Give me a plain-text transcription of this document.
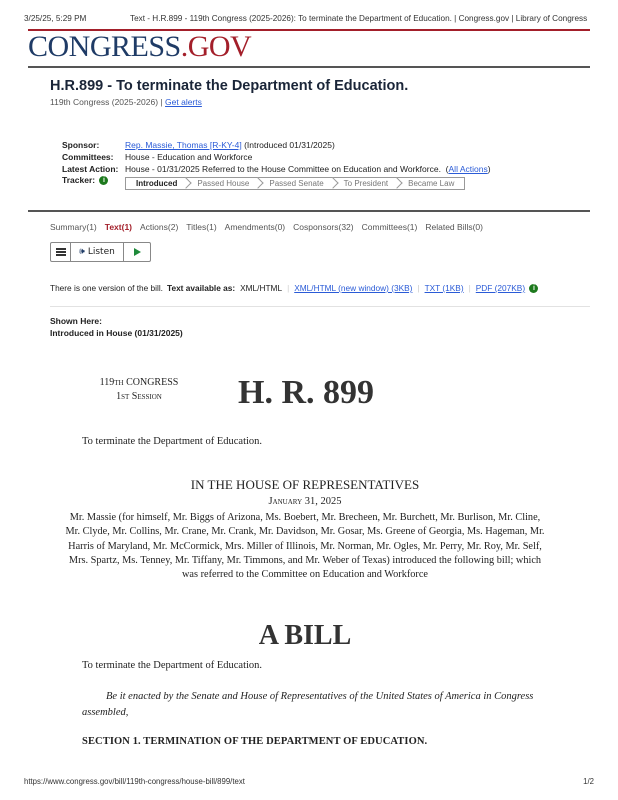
3/25/25, 5:29 PM	Text - H.R.899 - 119th Congress (2025-2026): To terminate the Department of Education. | Congress.gov | Library of Congress
CONGRESS.GOV
H.R.899 - To terminate the Department of Education.
119th Congress (2025-2026) | Get alerts
Sponsor:	Rep. Massie, Thomas [R-KY-4]
(Introduced 01/31/2025)
Committees:	House - Education and Workforce
Latest Action: House - 01/31/2025 Referred to the House Committee on Education and Workforce.
( All Actions )
Tracker: i	Introduced	Passed House	Passed Senate	To President	Became Law
Summary(1) Text(1) Actions(2) Titles(1) Amendments(0) Cosponsors(32) Committees(1) Related Bills(0)
🕪 Listen
There is one version of the bill. Text available as: XML/HTML | XML/HTML (new window) (3KB) | TXT (1KB) | PDF (207KB)
	i
Shown Here:
Introduced in House (01/31/2025)
119th CONGRESS
1st Session	H. R. 899
To terminate the Department of Education.
IN THE HOUSE OF REPRESENTATIVES
January 31, 2025
Mr. Massie (for himself, Mr. Biggs of Arizona, Ms. Boebert, Mr. Brecheen, Mr. Burchett, Mr. Burlison, Mr. Cline, Mr. Clyde, Mr. Collins, Mr. Crane, Mr. Crank, Mr. Davidson, Mr. Gosar, Ms. Greene of Georgia, Ms. Hageman, Mr. Harris of Maryland, Mr. McCormick, Mrs. Miller of Illinois, Mr. Norman, Mr. Ogles, Mr. Perry, Mr. Roy, Mr. Self, Mrs. Spartz, Ms. Tenney, Mr. Tiffany, Mr. Timmons, and Mr. Weber of Texas) introduced the following bill; which was referred to the Committee on Education and Workforce
A BILL
To terminate the Department of Education.
Be it enacted by the Senate and House of Representatives of the United States of America in Congress assembled,
SECTION 1. TERMINATION OF THE DEPARTMENT OF EDUCATION.
https://www.congress.gov/bill/119th-congress/house-bill/899/text	1/2
